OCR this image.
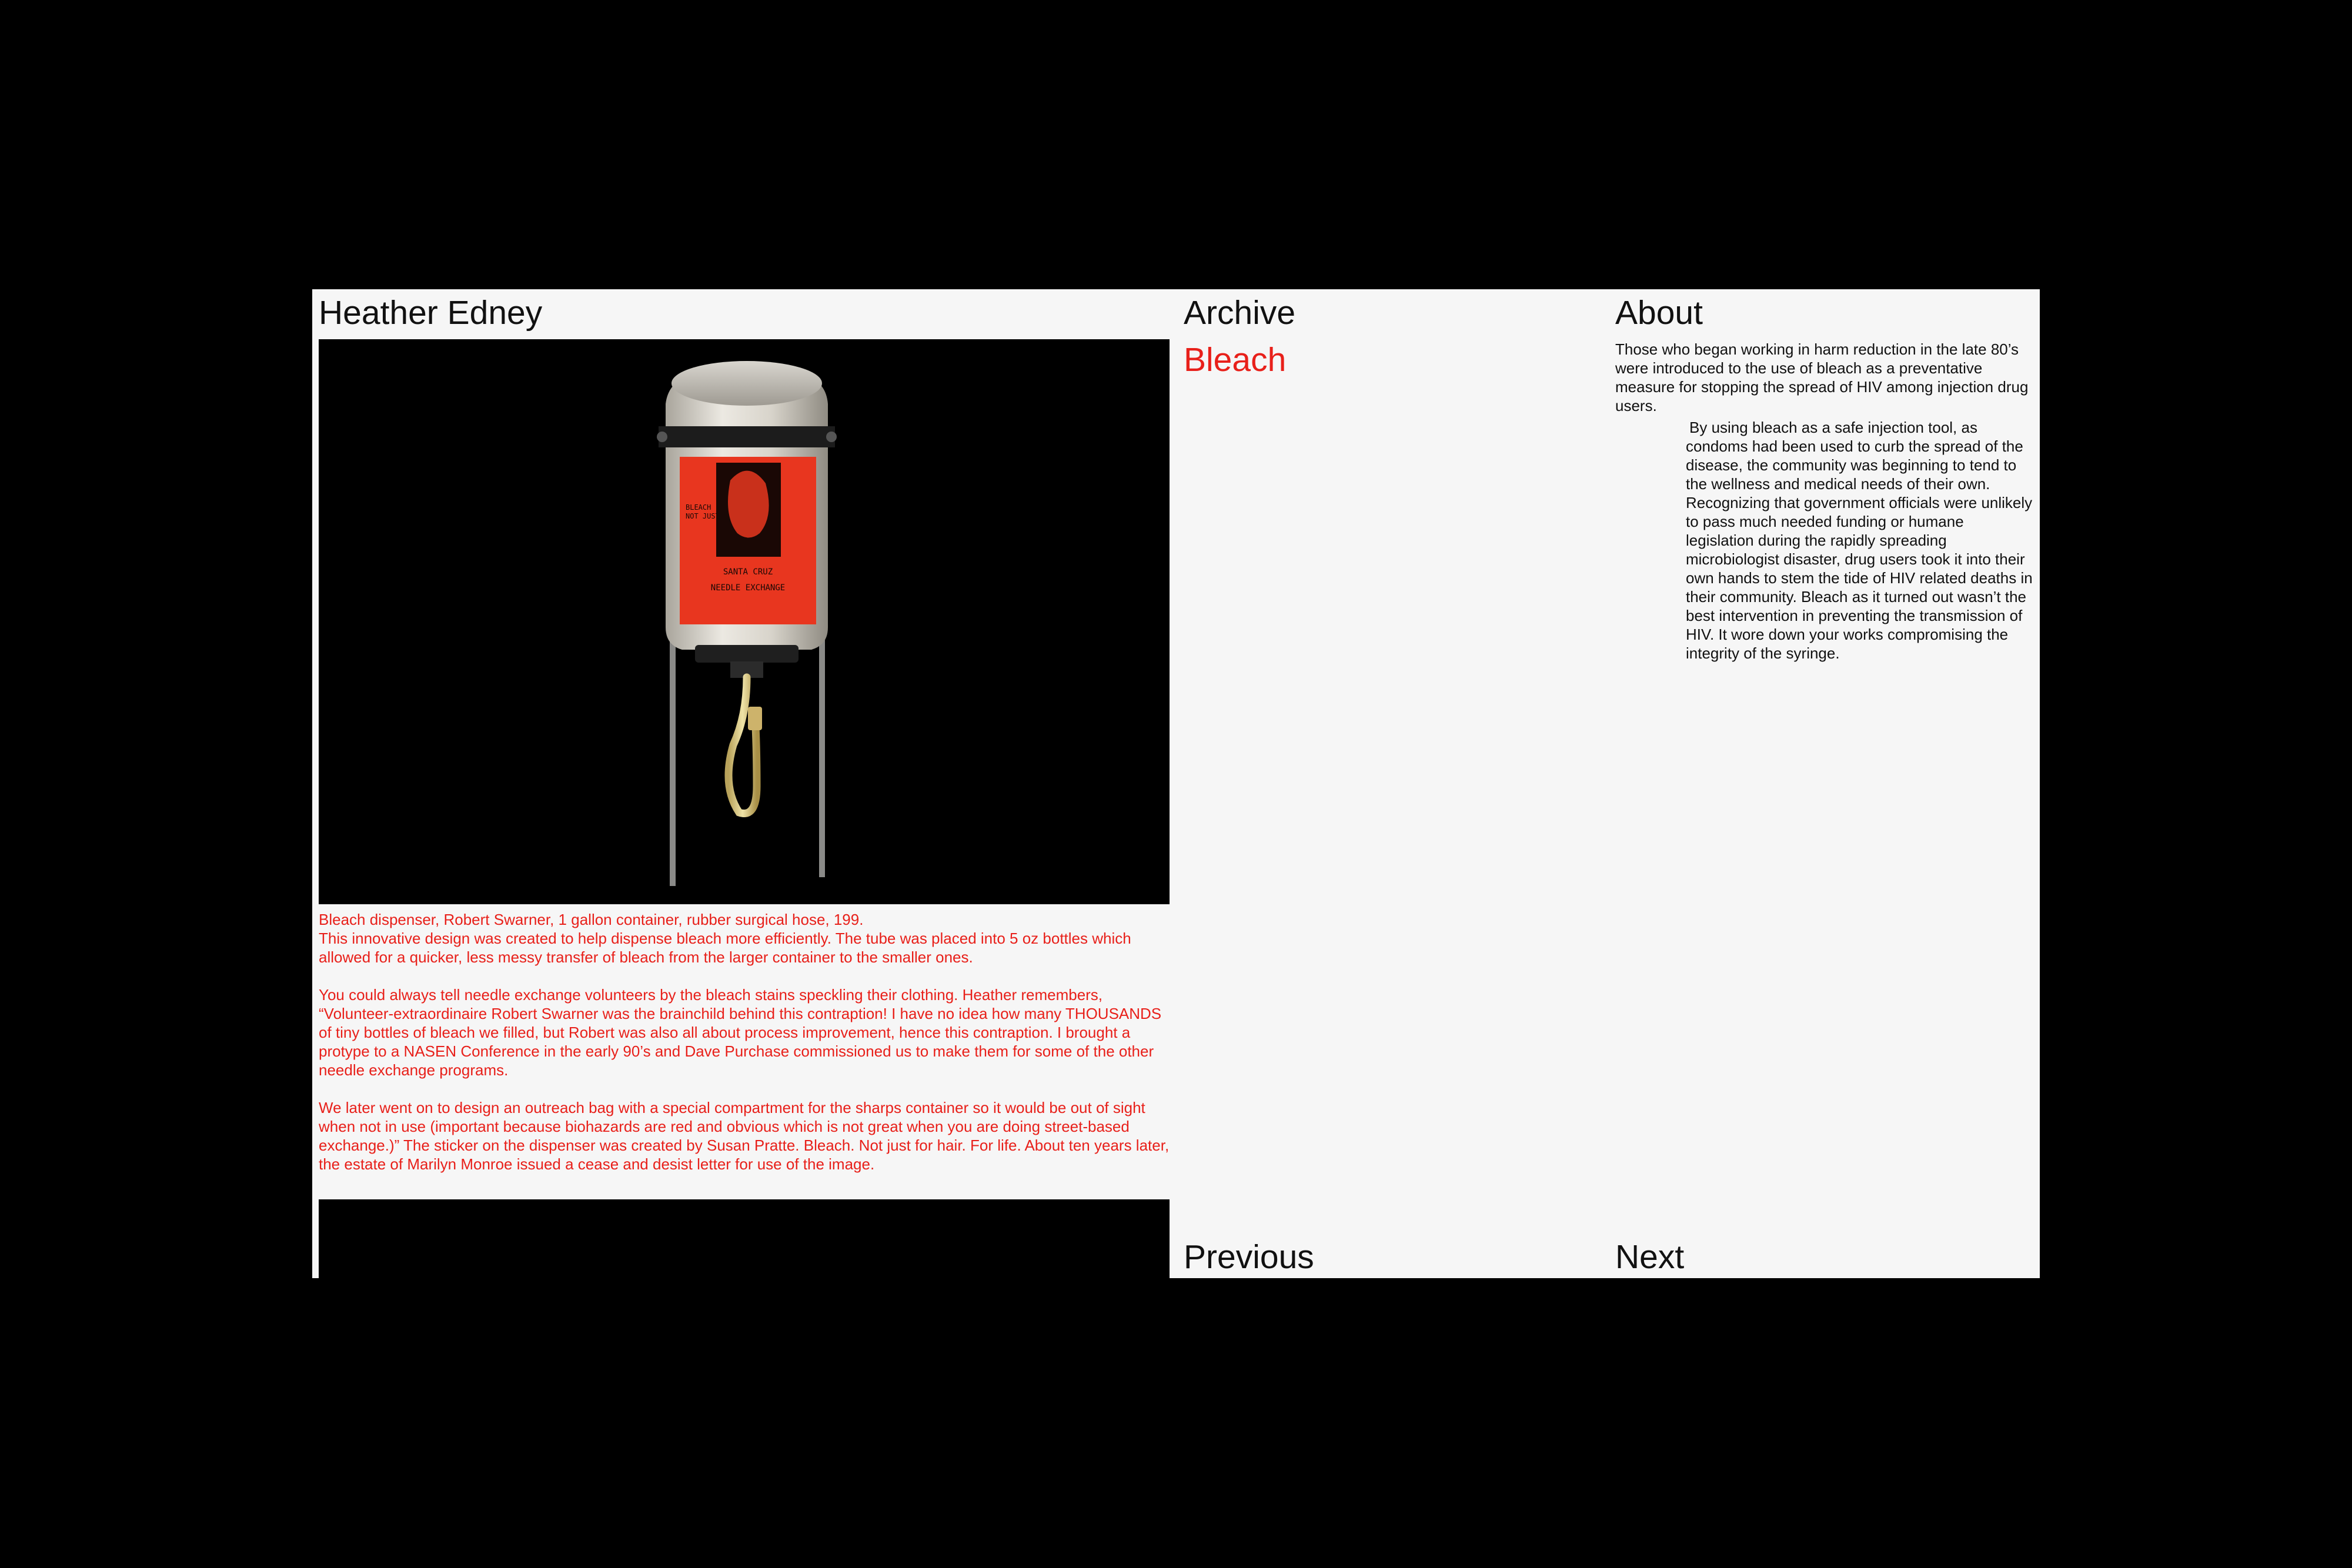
Heather Edney	Archive	About
Bleach
BLEACH
NOT JUST
SANTA CRUZ
NEEDLE EXCHANGE

Bleach dispenser, Robert Swarner, 1 gallon container, rubber surgical hose, 199.
This innovative design was created to help dispense bleach more efficiently. The tube was placed into 5 oz bottles which allowed for a quicker, less messy transfer of bleach from the larger container to the smaller ones.

You could always tell needle exchange volunteers by the bleach stains speckling their clothing. Heather remembers, “Volunteer-extraordinaire Robert Swarner was the brainchild behind this contraption! I have no idea how many THOUSANDS of tiny bottles of bleach we filled, but Robert was also all about process improvement, hence this contraption. I brought a protype to a NASEN Conference in the early 90’s and Dave Purchase commissioned us to make them for some of the other needle exchange programs.

We later went on to design an outreach bag with a special compartment for the sharps container so it would be out of sight when not in use (important because biohazards are red and obvious which is not great when you are doing street-based exchange.)” The sticker on the dispenser was created by Susan Pratte. Bleach. Not just for hair. For life. About ten years later, the estate of Marilyn Monroe issued a cease and desist letter for use of the image.

Those who began working in harm reduction in the late 80’s were introduced to the use of bleach as a preventative measure for stopping the spread of HIV among injection drug users.

By using bleach as a safe injection tool, as condoms had been used to curb the spread of the disease, the community was beginning to tend to the wellness and medical needs of their own. Recognizing that government officials were unlikely to pass much needed funding or humane legislation during the rapidly spreading microbiologist disaster, drug users took it into their own hands to stem the tide of HIV related deaths in their community. Bleach as it turned out wasn’t the best intervention in preventing the transmission of HIV. It wore down your works compromising the integrity of the syringe.

Previous	Next
